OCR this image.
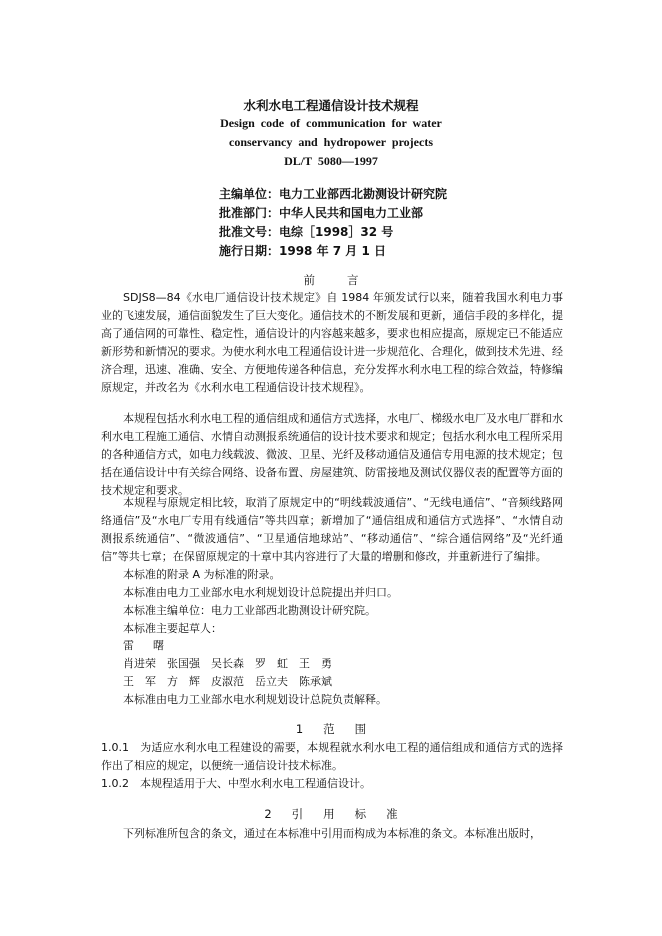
水利水电工程通信设计技术规程
Design code of communication for water
conservancy and hydropower projects
DL/T 5080—1997
主编单位：电力工业部西北勘测设计研究院
批准部门：中华人民共和国电力工业部
批准文号：电综［1998］32 号
施行日期：1998 年 7 月 1 日
前	言
SDJS8—84《水电厂通信设计技术规定》自 1984 年颁发试行以来，随着我国水利电力事业的飞速发展，通信面貌发生了巨大变化。通信技术的不断发展和更新，通信手段的多样化，提高了通信网的可靠性、稳定性，通信设计的内容越来越多，要求也相应提高，原规定已不能适应新形势和新情况的要求。为使水利水电工程通信设计进一步规范化、合理化，做到技术先进、经济合理，迅速、准确、安全、方便地传递各种信息，充分发挥水利水电工程的综合效益，特修编原规定，并改名为《水利水电工程通信设计技术规程》。
本规程包括水利水电工程的通信组成和通信方式选择，水电厂、梯级水电厂及水电厂群和水利水电工程施工通信、水情自动测报系统通信的设计技术要求和规定；包括水利水电工程所采用的各种通信方式，如电力线载波、微波、卫星、光纤及移动通信及通信专用电源的技术规定；包括在通信设计中有关综合网络、设备布置、房屋建筑、防雷接地及测试仪器仪表的配置等方面的技术规定和要求。
本规程与原规定相比较，取消了原规定中的“明线载波通信”、“无线电通信”、“音频线路网络通信”及“水电厂专用有线通信”等共四章；新增加了“通信组成和通信方式选择”、“水情自动测报系统通信”、“微波通信”、“卫星通信地球站”、“移动通信”、“综合通信网络”及“光纤通信”等共七章；在保留原规定的十章中其内容进行了大量的增删和修改，并重新进行了编排。
本标准的附录 A 为标准的附录。
本标准由电力工业部水电水利规划设计总院提出并归口。
本标准主编单位：电力工业部西北勘测设计研究院。
本标准主要起草人：
雷　曙
肖进荣　张国强　吴长森　罗　虹　王　勇
王　军　方　辉　皮淑范　岳立夫　陈承斌
本标准由电力工业部水电水利规划设计总院负责解释。
1 范 围
1.0.1　为适应水利水电工程建设的需要，本规程就水利水电工程的通信组成和通信方式的选择作出了相应的规定，以便统一通信设计技术标准。
1.0.2　本规程适用于大、中型水利水电工程通信设计。
2 引 用 标 准
下列标准所包含的条文，通过在本标准中引用而构成为本标准的条文。本标准出版时，
